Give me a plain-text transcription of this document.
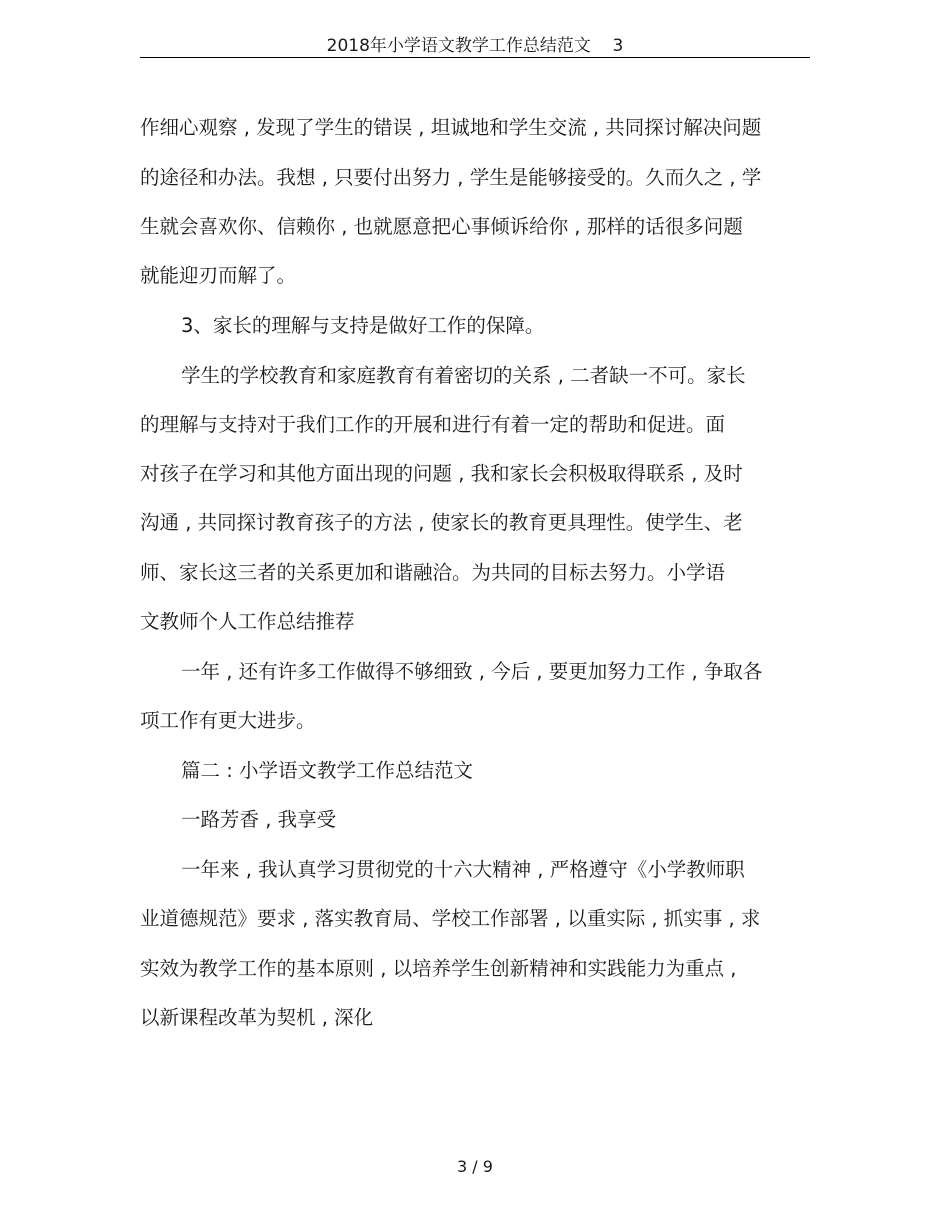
2018年小学语文教学工作总结范文    3
作细心观察 , 发现了学生的错误 , 坦诚地和学生交流 , 共同探讨解决问题
的途径和办法。我想 , 只要付出努力 , 学生是能够接受的。久而久之 , 学
生就会喜欢你、信赖你 , 也就愿意把心事倾诉给你 , 那样的话很多问题
就能迎刃而解了。
3、家长的理解与支持是做好工作的保障。
学生的学校教育和家庭教育有着密切的关系 , 二者缺一不可。家长
的理解与支持对于我们工作的开展和进行有着一定的帮助和促进。面
对孩子在学习和其他方面出现的问题 , 我和家长会积极取得联系 , 及时
沟通 , 共同探讨教育孩子的方法 , 使家长的教育更具理性。使学生、老
师、家长这三者的关系更加和谐融洽。为共同的目标去努力。小学语
文教师个人工作总结推荐
一年 , 还有许多工作做得不够细致 , 今后 , 要更加努力工作 , 争取各
项工作有更大进步。
篇二 : 小学语文教学工作总结范文
一路芳香 , 我享受
一年来 , 我认真学习贯彻党的十六大精神 , 严格遵守《小学教师职
业道德规范》要求 , 落实教育局、学校工作部署 , 以重实际 , 抓实事 , 求
实效为教学工作的基本原则 , 以培养学生创新精神和实践能力为重点 ,
以新课程改革为契机 , 深化
3 / 9
